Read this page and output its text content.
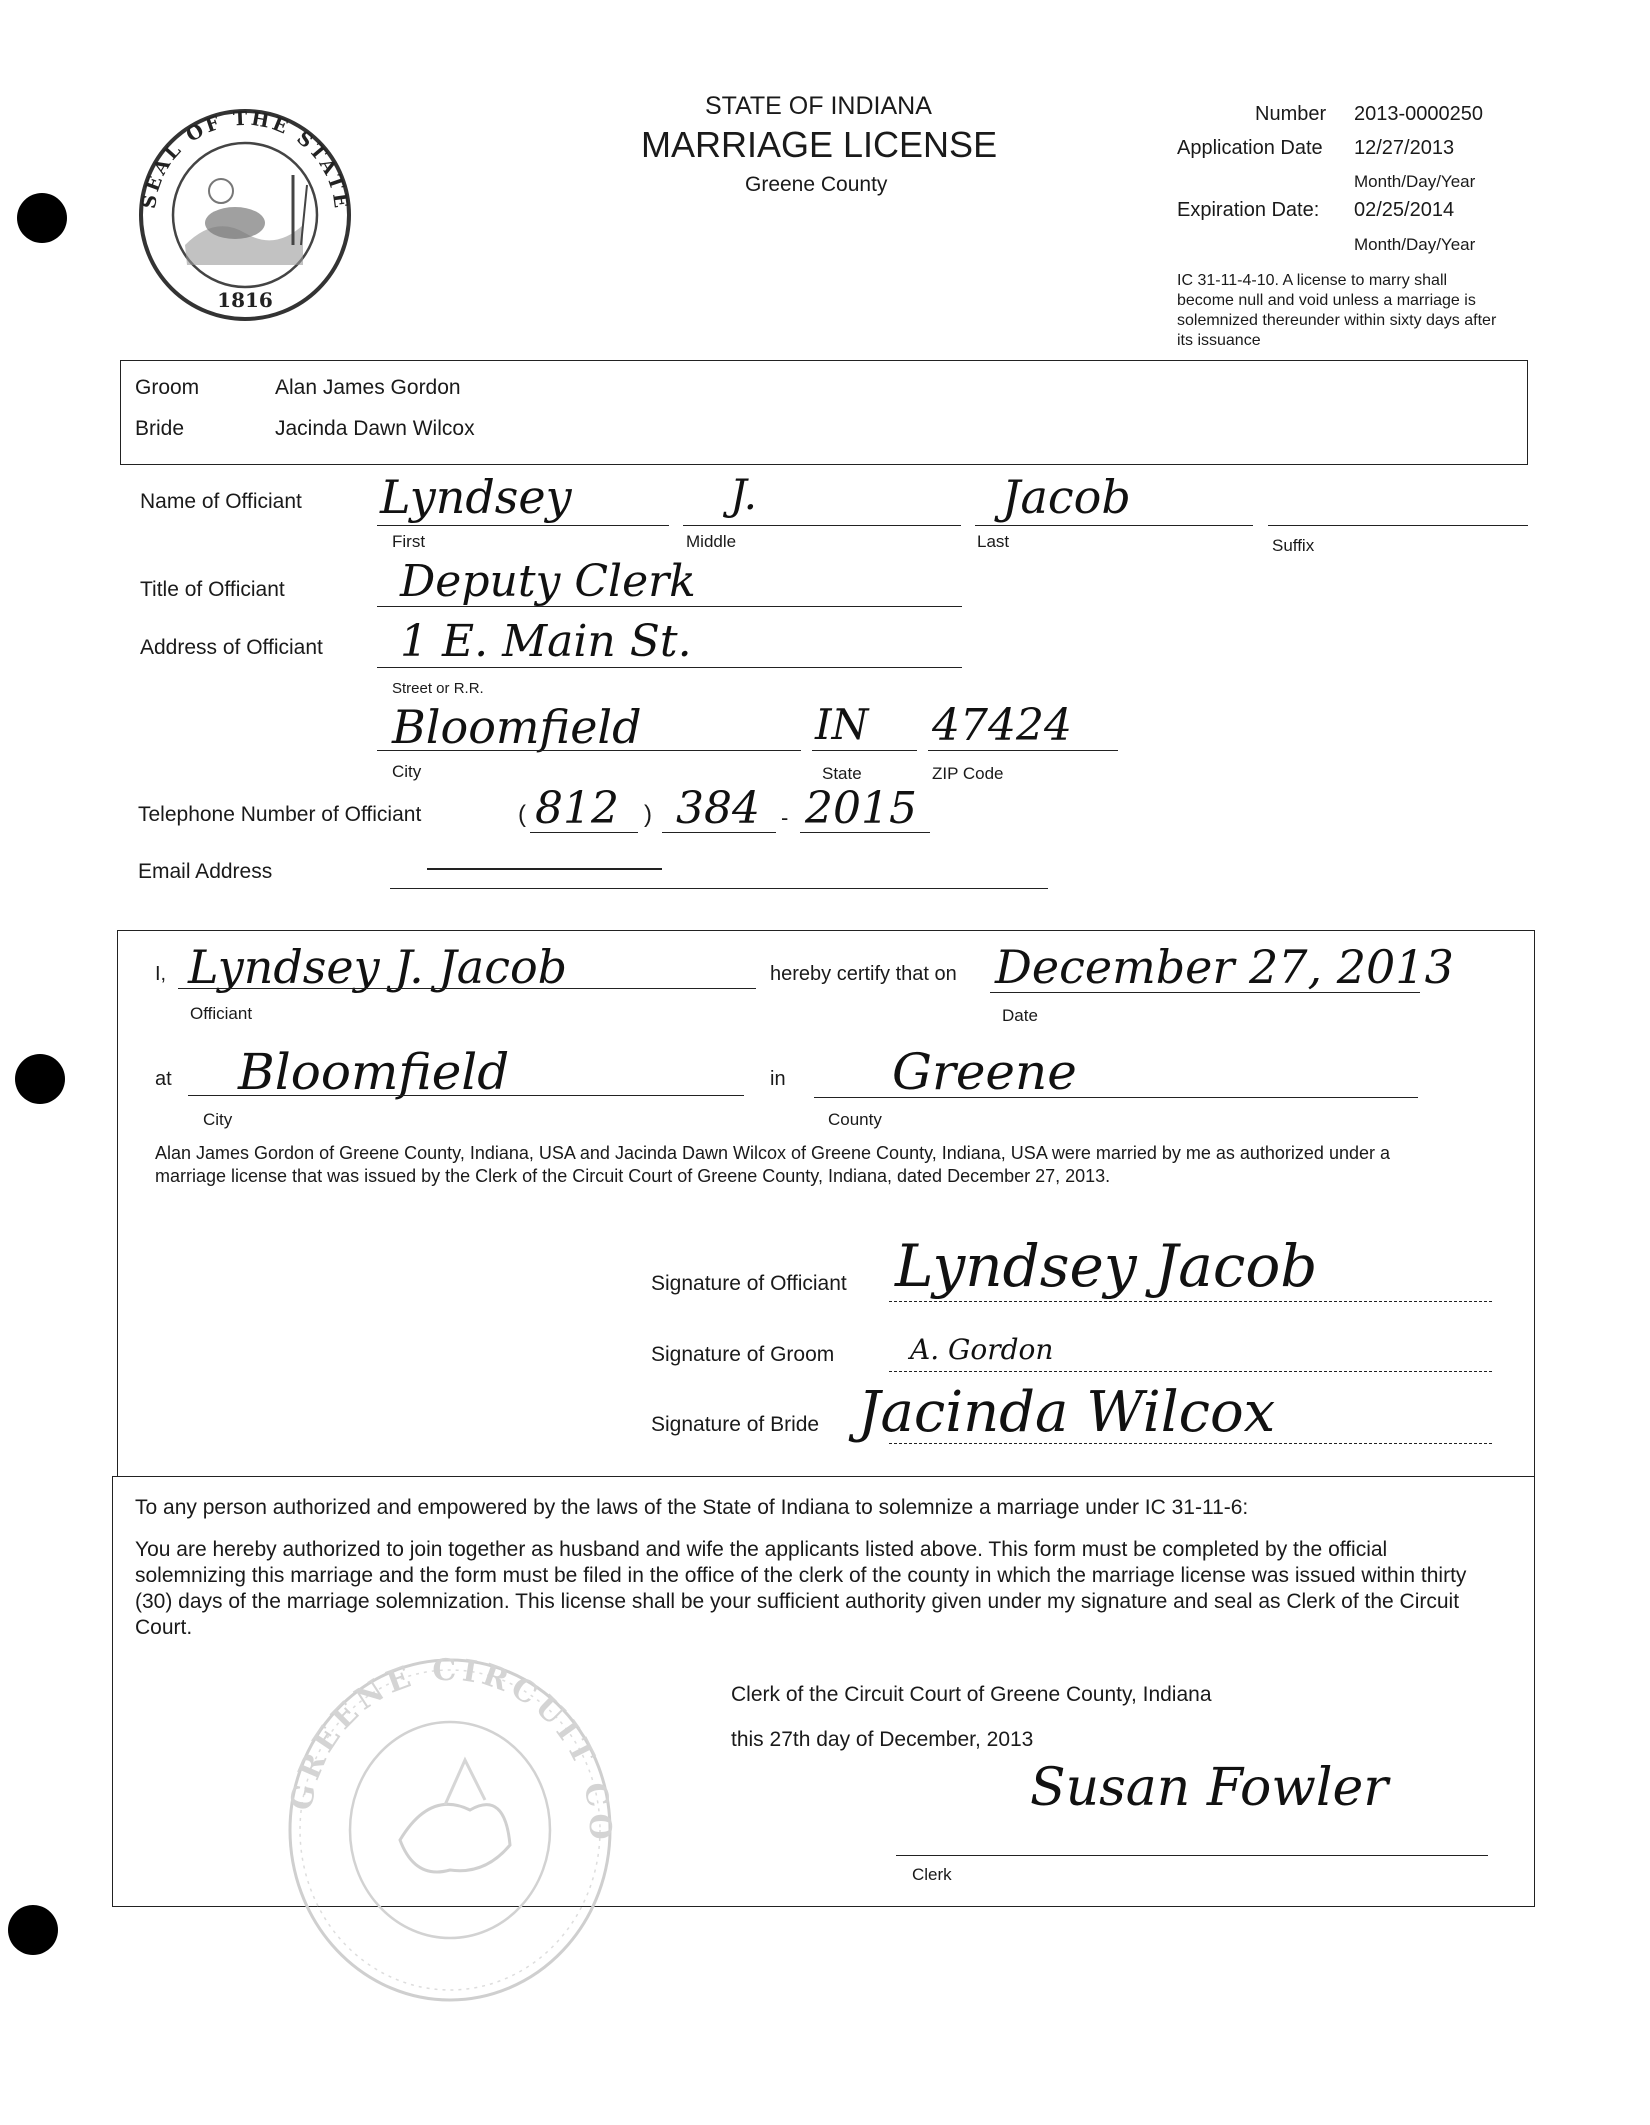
SEAL OF THE STATE
1816
STATE OF INDIANA
MARRIAGE LICENSE
Greene County
Number 2013-0000250
Application Date 12/27/2013
Month/Day/Year
Expiration Date: 02/25/2014
Month/Day/Year
IC 31-11-4-10. A license to marry shall become null and void unless a marriage is solemnized thereunder within sixty days after its issuance
Groom	Alan James Gordon
Bride	Jacinda Dawn Wilcox
Name of Officiant Lyndsey	J.	Jacob
First	Middle	Last	Suffix
Title of Officiant	Deputy Clerk
Address of Officiant 1 E. Main St.
Street or R.R.
Bloomfield	IN 47424
City	State	ZIP Code
Telephone Number of Officiant	( 812 ) 384 - 2015
Email Address
I, Lyndsey J. Jacob
Officiant
hereby certify that on December 27, 2013
Date
at Bloomfield
City
in Greene
County
Alan James Gordon of Greene County, Indiana, USA and Jacinda Dawn Wilcox of Greene County, Indiana, USA were married by me as authorized under a marriage license that was issued by the Clerk of the Circuit Court of Greene County, Indiana, dated December 27, 2013.
Signature of Officiant Lyndsey Jacob
Signature of Groom	A. Gordon
Signature of Bride Jacinda Wilcox
To any person authorized and empowered by the laws of the State of Indiana to solemnize a marriage under IC 31-11-6:
You are hereby authorized to join together as husband and wife the applicants listed above. This form must be completed by the official solemnizing this marriage and the form must be filed in the office of the clerk of the county in which the marriage license was issued within thirty (30) days of the marriage solemnization. This license shall be your sufficient authority given under my signature and seal as Clerk of the Circuit Court.
Clerk of the Circuit Court of Greene County, Indiana
this 27th day of December, 2013
Susan Fowler
Clerk
GREENE CIRCUIT CO
